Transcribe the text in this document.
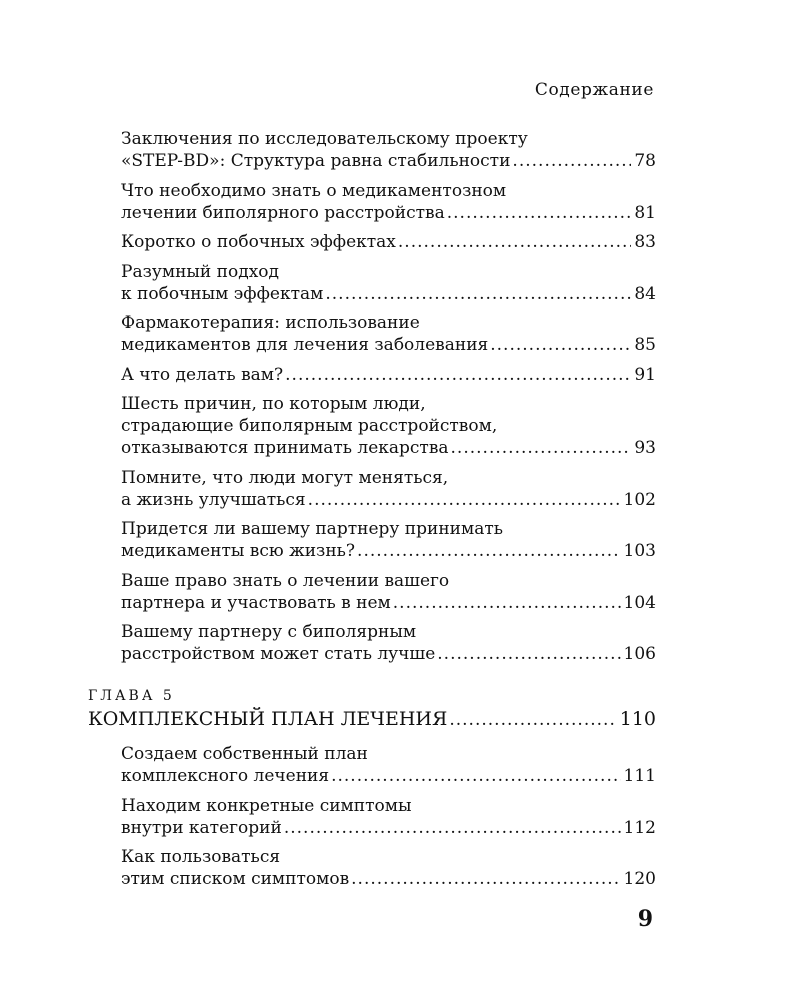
Содержание
Заключения по исследовательскому проекту
«STEP-BD»: Структура равна стабильности .....	78
Что необходимо знать о медикаментозном
лечении биполярного расстройства .....	81
Коротко о побочных эффектах .....	83
Разумный подход
к побочным эффектам .....	84
Фармакотерапия: использование
медикаментов для лечения заболевания .....	85
А что делать вам? .....	91
Шесть причин, по которым люди,
страдающие биполярным расстройством,
отказываются принимать лекарства .....	93
Помните, что люди могут меняться,
а жизнь улучшаться .....	102
Придется ли вашему партнеру принимать
медикаменты всю жизнь? .....	103
Ваше право знать о лечении вашего
партнера и участвовать в нем .....	104
Вашему партнеру с биполярным
расстройством может стать лучше .....	106
ГЛАВА 5
КОМПЛЕКСНЫЙ ПЛАН ЛЕЧЕНИЯ .....	110
Создаем собственный план
комплексного лечения .....	111
Находим конкретные симптомы
внутри категорий .....	112
Как пользоваться
этим списком симптомов .....	120
9
